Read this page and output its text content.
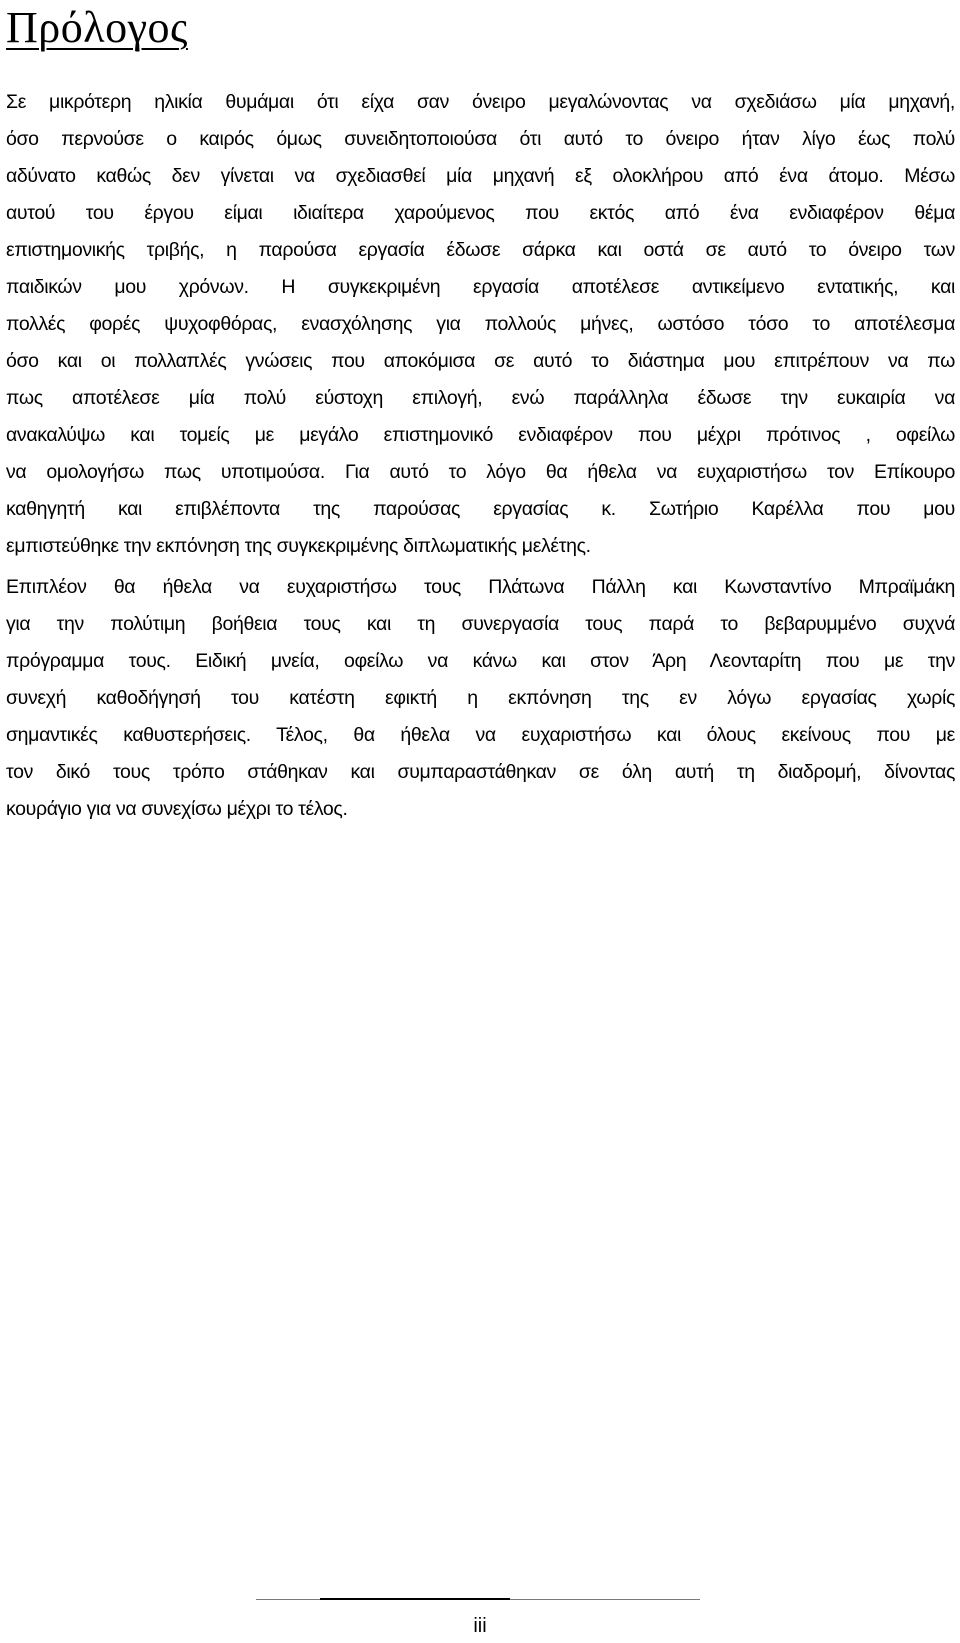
Πρόλογος

Σε μικρότερη ηλικία θυμάμαι ότι είχα σαν όνειρο μεγαλώνοντας να σχεδιάσω μία μηχανή,
όσο περνούσε ο καιρός όμως συνειδητοποιούσα ότι αυτό το όνειρο ήταν λίγο έως πολύ
αδύνατο καθώς δεν γίνεται να σχεδιασθεί μία μηχανή εξ ολοκλήρου από ένα άτομο. Μέσω
αυτού του έργου είμαι ιδιαίτερα χαρούμενος που εκτός από ένα ενδιαφέρον θέμα
επιστημονικής τριβής, η παρούσα εργασία έδωσε σάρκα και οστά σε αυτό το όνειρο των
παιδικών μου χρόνων. Η συγκεκριμένη εργασία αποτέλεσε αντικείμενο εντατικής, και
πολλές φορές ψυχοφθόρας, ενασχόλησης για πολλούς μήνες, ωστόσο τόσο το αποτέλεσμα
όσο και οι πολλαπλές γνώσεις που αποκόμισα σε αυτό το διάστημα μου επιτρέπουν να πω
πως αποτέλεσε μία πολύ εύστοχη επιλογή, ενώ παράλληλα έδωσε την ευκαιρία να
ανακαλύψω και τομείς με μεγάλο επιστημονικό ενδιαφέρον που μέχρι πρότινος , οφείλω
να ομολογήσω πως υποτιμούσα. Για αυτό το λόγο θα ήθελα να ευχαριστήσω τον Επίκουρο
καθηγητή και επιβλέποντα της παρούσας εργασίας κ. Σωτήριο Καρέλλα που μου
εμπιστεύθηκε την εκπόνηση της συγκεκριμένης διπλωματικής μελέτης.

Επιπλέον θα ήθελα να ευχαριστήσω τους Πλάτωνα Πάλλη και Κωνσταντίνο Μπραϊμάκη
για την πολύτιμη βοήθεια τους και τη συνεργασία τους παρά το βεβαρυμμένο συχνά
πρόγραμμα τους. Ειδική μνεία, οφείλω να κάνω και στον Άρη Λεονταρίτη που με την
συνεχή καθοδήγησή του κατέστη εφικτή η εκπόνηση της εν λόγω εργασίας χωρίς
σημαντικές καθυστερήσεις. Τέλος, θα ήθελα να ευχαριστήσω και όλους εκείνους που με
τον δικό τους τρόπο στάθηκαν και συμπαραστάθηκαν σε όλη αυτή τη διαδρομή, δίνοντας
κουράγιο για να συνεχίσω μέχρι το τέλος.

iii
